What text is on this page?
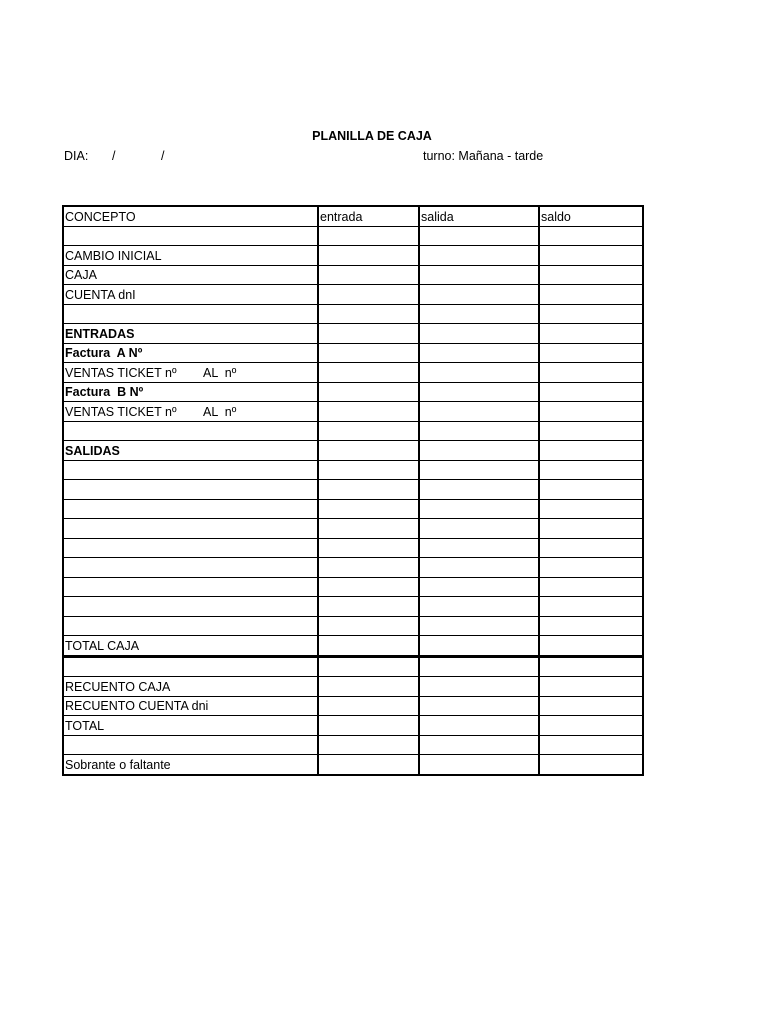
PLANILLA DE CAJA

DIA:

/

	/	turno: Mañana - tarde
CONCEPTO	entrada	salida	saldo

CAMBIO INICIAL			
CAJA			
CUENTA dnI			

ENTRADAS			
Factura  A Nº			
VENTAS TICKET nº AL  nº			

Factura  B Nº			
VENTAS TICKET nº AL  nº			

SALIDAS			

TOTAL CAJA			

RECUENTO CAJA			
RECUENTO CUENTA dni			
TOTAL			

Sobrante o faltante			
